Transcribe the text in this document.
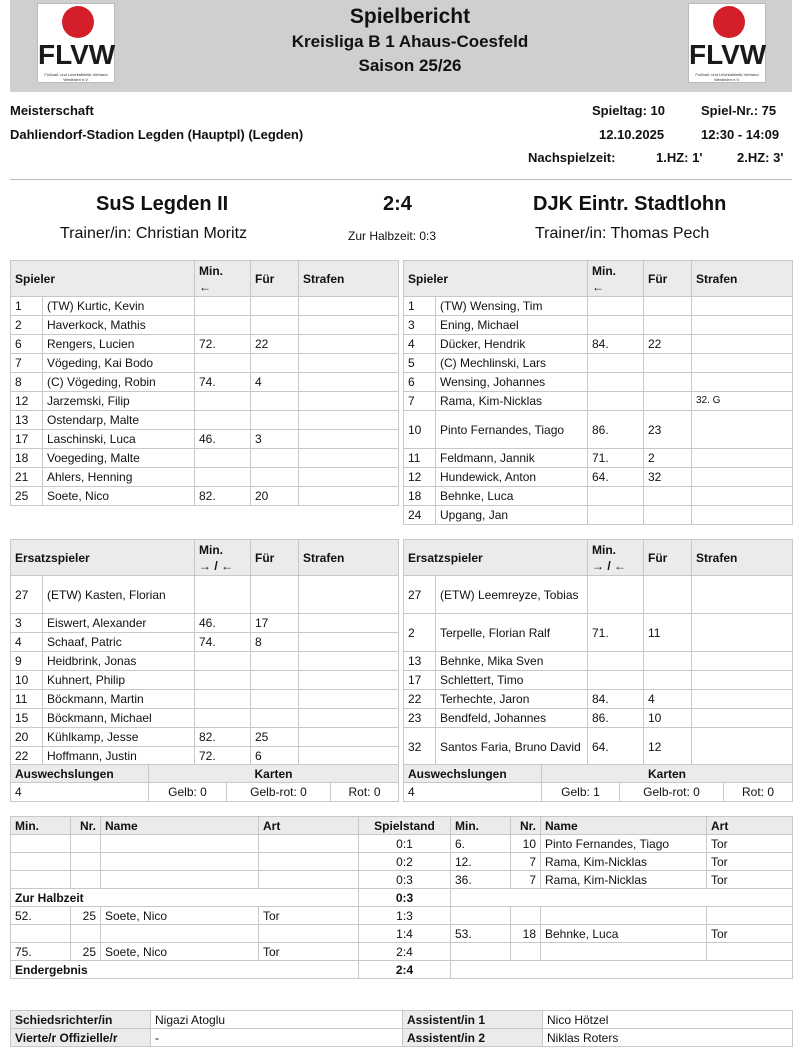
FLVW
Fußball- und Leichtathletik-Verband Westfalen e.V.
Spielbericht
Kreisliga B 1 Ahaus-Coesfeld
Saison 25/26	FLVW
Fußball- und Leichtathletik-Verband Westfalen e.V.
Meisterschaft
Dahliendorf-Stadion Legden (Hauptpl) (Legden)
Spieltag: 10	Spiel-Nr.: 75
12.10.2025	12:30 - 14:09
Nachspielzeit:	1.HZ: 1'	2.HZ: 3'
SuS Legden II	2:4	DJK Eintr. Stadtlohn
Trainer/in: Christian Moritz	Zur Halbzeit: 0:3	Trainer/in: Thomas Pech
Spieler		Min.
←	Für	Strafen
1	(TW) Kurtic, Kevin			
2	Haverkock, Mathis			
6	Rengers, Lucien	72.	22	
7	Vögeding, Kai Bodo			
8	(C) Vögeding, Robin	74.	4	
12	Jarzemski, Filip			
13	Ostendarp, Malte			
17	Laschinski, Luca	46.	3	
18	Voegeding, Malte			
21	Ahlers, Henning			
25	Soete, Nico	82.	20	
Spieler		Min.
←	Für	Strafen
1	(TW) Wensing, Tim			
3	Ening, Michael			
4	Dücker, Hendrik	84.	22	
5	(C) Mechlinski, Lars			
6	Wensing, Johannes			
7	Rama, Kim-Nicklas			32. G
10	Pinto Fernandes, Tiago	86.	23	
11	Feldmann, Jannik	71.	2	
12	Hundewick, Anton	64.	32	
18	Behnke, Luca			
24	Upgang, Jan			
Ersatzspieler		Min.
→ / ←	Für	Strafen
27	(ETW) Kasten, Florian			
3	Eiswert, Alexander	46.	17	
4	Schaaf, Patric	74.	8	
9	Heidbrink, Jonas			
10	Kuhnert, Philip			
11	Böckmann, Martin			
15	Böckmann, Michael			
20	Kühlkamp, Jesse	82.	25	
22	Hoffmann, Justin	72.	6	
Ersatzspieler		Min.
→ / ←	Für	Strafen
27	(ETW) Leemreyze, Tobias			
2	Terpelle, Florian Ralf	71.	11	
13	Behnke, Mika Sven			
17	Schlettert, Timo			
22	Terhechte, Jaron	84.	4	
23	Bendfeld, Johannes	86.	10	
32	Santos Faria, Bruno David	64.	12	
Auswechslungen	Karten		
4	Gelb: 0	Gelb-rot: 0	Rot: 0
Auswechslungen	Karten		
4	Gelb: 1	Gelb-rot: 0	Rot: 0
Min.	Nr.	Name	Art	Spielstand	Min.	Nr.	Name	Art
				0:1	6.	10	Pinto Fernandes, Tiago	Tor
				0:2	12.	7	Rama, Kim-Nicklas	Tor
				0:3	36.	7	Rama, Kim-Nicklas	Tor
Zur Halbzeit				0:3				
52.	25	Soete, Nico	Tor	1:3				
				1:4	53.	18	Behnke, Luca	Tor
75.	25	Soete, Nico	Tor	2:4				
Endergebnis				2:4				
Schiedsrichter/in	Nigazi Atoglu	Assistent/in 1	Nico Hötzel
Vierte/r Offizielle/r	-	Assistent/in 2	Niklas Roters
